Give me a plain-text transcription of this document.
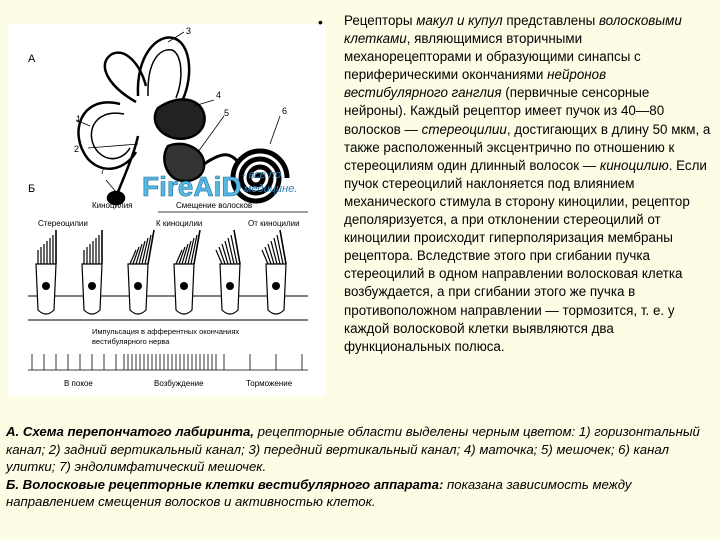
А
1
2
3
4
5	6
7 FireAiD - все по
медицине.
Б
Киноцилия	Смещение волосков
Стереоцилии	К киноцилии	От киноцилии
Импульсация в афферентных окончаниях
вестибулярного нерва
В покое	Возбуждение	Торможение
• Рецепторы макул и купул представлены волосковыми клетками, являющимися вторичными механорецепторами и образующими синапсы с периферическими окончаниями нейронов вестибулярного ганглия (первичные сенсорные нейроны). Каждый рецептор имеет пучок из 40—80 волосков — стереоцилии, достигающих в длину 50 мкм, а также расположенный эксцентрично по отношению к стереоцилиям один длинный волосок — киноцилию. Если пучок стереоцилий наклоняется под влиянием механического стимула в сторону киноцилии, рецептор деполяризуется, а при отклонении стереоцилий от киноцилии происходит гиперполяризация мембраны рецептора. Вследствие этого при сгибании пучка стереоцилий в одном направлении волосковая клетка возбуждается, а при сгибании этого же пучка в противоположном направлении — тормозится, т. е. у каждой волосковой клетки выявляются два функциональных полюса.

А. Схема перепончатого лабиринта, рецепторные области выделены черным цветом: 1) горизонтальный канал; 2) задний вертикальный канал; 3) передний вертикальный канал; 4) маточка; 5) мешочек; 6) канал улитки; 7) эндолимфатический мешочек.
Б. Волосковые рецепторные клетки вестибулярного аппарата: показана зависимость между направлением смещения волосков и активностью клеток.
